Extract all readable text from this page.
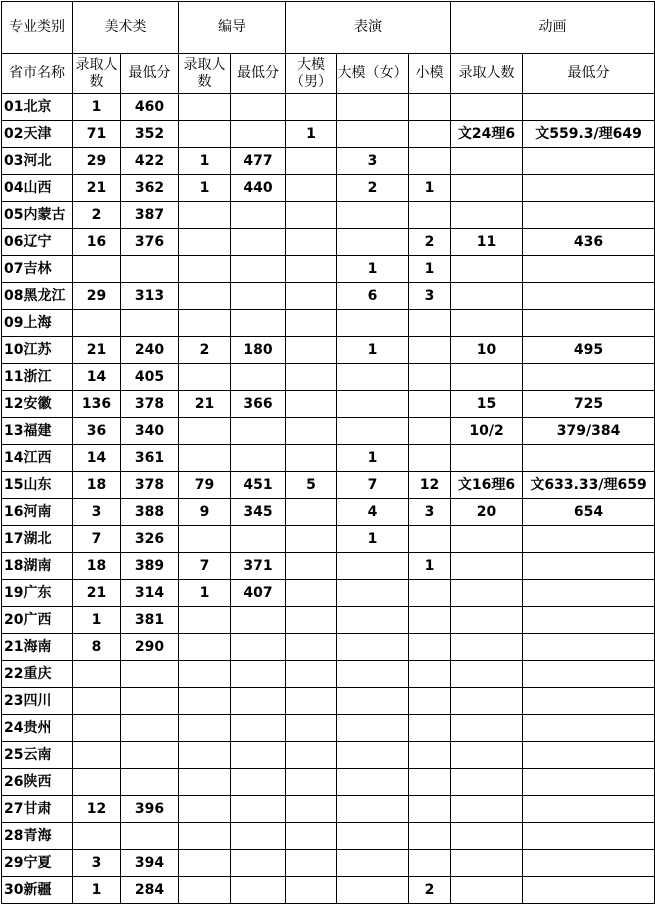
专业类别	美术类		编导		表演			动画	
省市名称	录取人数	最低分	录取人数	最低分	大模（男）	大模（女）	小模	录取人数	最低分
01北京	1	460							
02天津	71	352			1			文24理6	文559.3/理649
03河北	29	422	1	477		3			
04山西	21	362	1	440		2	1		
05内蒙古	2	387							
06辽宁	16	376					2	11	436
07吉林						1	1		
08黑龙江	29	313				6	3		
09上海									
10江苏	21	240	2	180		1		10	495
11浙江	14	405							
12安徽	136	378	21	366				15	725
13福建	36	340						10/2	379/384
14江西	14	361				1			
15山东	18	378	79	451	5	7	12	文16理6	文633.33/理659
16河南	3	388	9	345		4	3	20	654
17湖北	7	326				1			
18湖南	18	389	7	371			1		
19广东	21	314	1	407					
20广西	1	381							
21海南	8	290							
22重庆									
23四川									
24贵州									
25云南									
26陕西									
27甘肃	12	396							
28青海									
29宁夏	3	394							
30新疆	1	284					2		
